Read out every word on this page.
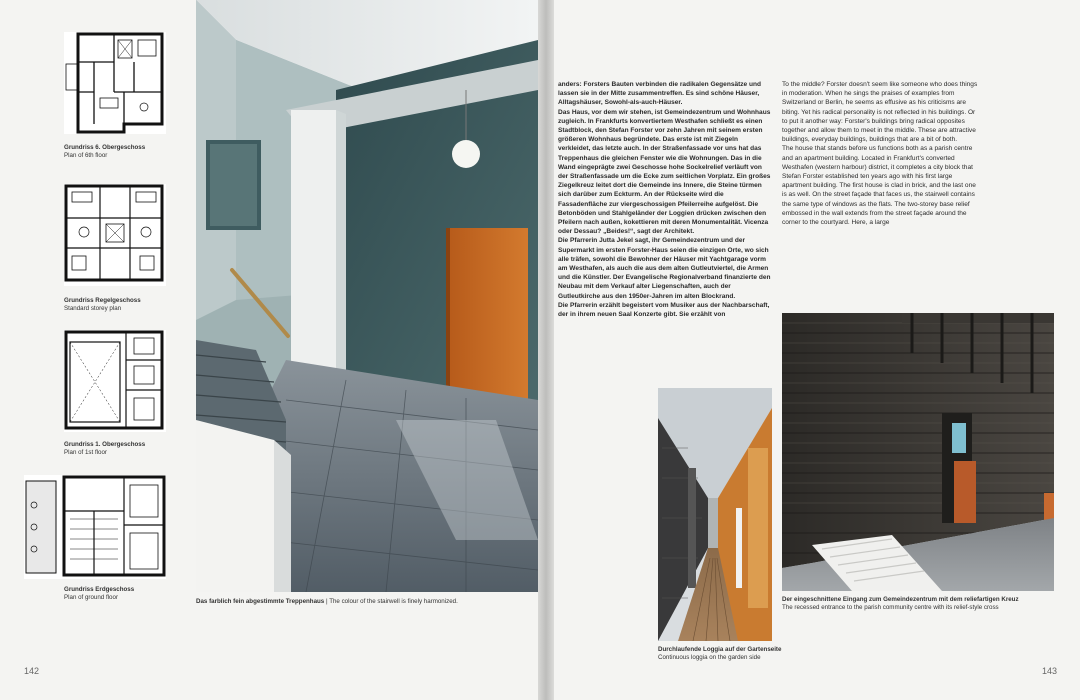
Grundriss 6. Obergeschoss
Plan of 6th floor
Grundriss Regelgeschoss
Standard storey plan
Grundriss 1. Obergeschoss
Plan of 1st floor
Grundriss Erdgeschoss
Plan of ground floor
142
Das farblich fein abgestimmte Treppenhaus | The colour of the stairwell is finely harmonized.

anders: Forsters Bauten verbinden die radikalen Gegensätze und lassen sie in der Mitte zusammentreffen. Es sind schöne Häuser, Alltagshäuser, Sowohl-als-auch-Häuser.

Das Haus, vor dem wir stehen, ist Gemeindezentrum und Wohnhaus zugleich. In Frankfurts konvertiertem Westhafen schließt es einen Stadtblock, den Stefan Forster vor zehn Jahren mit seinem ersten größeren Wohnhaus begründete. Das erste ist mit Ziegeln verkleidet, das letzte auch. In der Straßenfassade vor uns hat das Treppenhaus die gleichen Fenster wie die Wohnungen. Das in die Wand eingeprägte zwei Geschosse hohe Sockelrelief verläuft von der Straßenfassade um die Ecke zum seitlichen Vorplatz. Ein großes Ziegelkreuz leitet dort die Gemeinde ins Innere, die Steine türmen sich darüber zum Eckturm. An der Rückseite wird die Fassadenfläche zur viergeschossigen Pfeilerreihe aufgelöst. Die Betonböden und Stahlgeländer der Loggien drücken zwischen den Pfeilern nach außen, kokettieren mit deren Monumentalität. Vicenza oder Dessau? „Beides!“, sagt der Architekt.

Die Pfarrerin Jutta Jekel sagt, ihr Gemeindezentrum und der Supermarkt im ersten Forster-Haus seien die einzigen Orte, wo sich alle träfen, sowohl die Bewohner der Häuser mit Yachtgarage vorm am Westhafen, als auch die aus dem alten Gutleutviertel, die Armen und die Künstler. Der Evangelische Regionalverband finanzierte den Neubau mit dem Verkauf alter Liegenschaften, auch der Gutleutkirche aus den 1950er-Jahren im alten Blockrand.

Die Pfarrerin erzählt begeistert vom Musiker aus der Nachbarschaft, der in ihrem neuen Saal Konzerte gibt. Sie erzählt von

To the middle? Forster doesn't seem like someone who does things in moderation. When he sings the praises of examples from Switzerland or Berlin, he seems as effusive as his criticisms are biting. Yet his radical personality is not reflected in his buildings. Or to put it another way: Forster's buildings bring radical opposites together and allow them to meet in the middle. These are attractive buildings, everyday buildings, buildings that are a bit of both.

The house that stands before us functions both as a parish centre and an apartment building. Located in Frankfurt's converted Westhafen (western harbour) district, it completes a city block that Stefan Forster established ten years ago with his first large apartment building. The first house is clad in brick, and the last one is as well. On the street façade that faces us, the stairwell contains the same type of windows as the flats. The two-storey base relief embossed in the wall extends from the street façade around the corner to the courtyard. Here, a large

Durchlaufende Loggia auf der Gartenseite
Continuous loggia on the garden side
Der eingeschnittene Eingang zum Gemeindezentrum mit dem reliefartigen Kreuz
The recessed entrance to the parish community centre with its relief-style cross
143
